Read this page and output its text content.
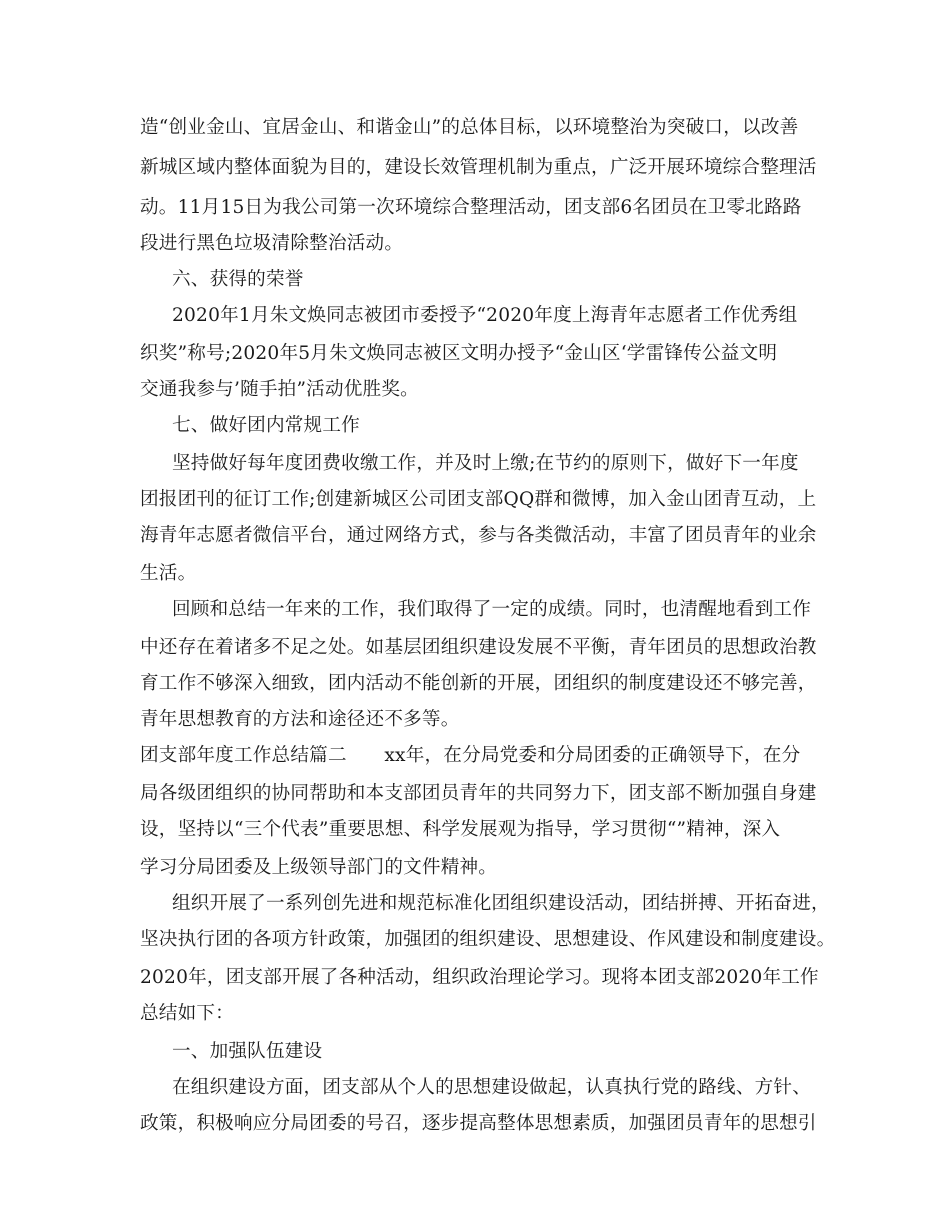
造“创业金山、宜居金山、和谐金山”的总体目标，以环境整治为突破口，以改善
新城区域内整体面貌为目的，建设长效管理机制为重点，广泛开展环境综合整理活
动。11月15日为我公司第一次环境综合整理活动，团支部6名团员在卫零北路路
段进行黑色垃圾清除整治活动。
六、获得的荣誉
2020年1月朱文焕同志被团市委授予“2020年度上海青年志愿者工作优秀组
织奖”称号;2020年5月朱文焕同志被区文明办授予“金山区‘学雷锋传公益文明
交通我参与’随手拍”活动优胜奖。
七、做好团内常规工作
坚持做好每年度团费收缴工作，并及时上缴;在节约的原则下，做好下一年度
团报团刊的征订工作;创建新城区公司团支部QQ群和微博，加入金山团青互动，上
海青年志愿者微信平台，通过网络方式，参与各类微活动，丰富了团员青年的业余
生活。
回顾和总结一年来的工作，我们取得了一定的成绩。同时，也清醒地看到工作
中还存在着诸多不足之处。如基层团组织建设发展不平衡，青年团员的思想政治教
育工作不够深入细致，团内活动不能创新的开展，团组织的制度建设还不够完善，
青年思想教育的方法和途径还不多等。
团支部年度工作总结篇二　　xx年，在分局党委和分局团委的正确领导下，在分
局各级团组织的协同帮助和本支部团员青年的共同努力下，团支部不断加强自身建
设，坚持以“三个代表”重要思想、科学发展观为指导，学习贯彻“”精神，深入
学习分局团委及上级领导部门的文件精神。
组织开展了一系列创先进和规范标准化团组织建设活动，团结拼搏、开拓奋进，
坚决执行团的各项方针政策，加强团的组织建设、思想建设、作风建设和制度建设。
2020年，团支部开展了各种活动，组织政治理论学习。现将本团支部2020年工作
总结如下：
一、加强队伍建设
在组织建设方面，团支部从个人的思想建设做起，认真执行党的路线、方针、
政策，积极响应分局团委的号召，逐步提高整体思想素质，加强团员青年的思想引
